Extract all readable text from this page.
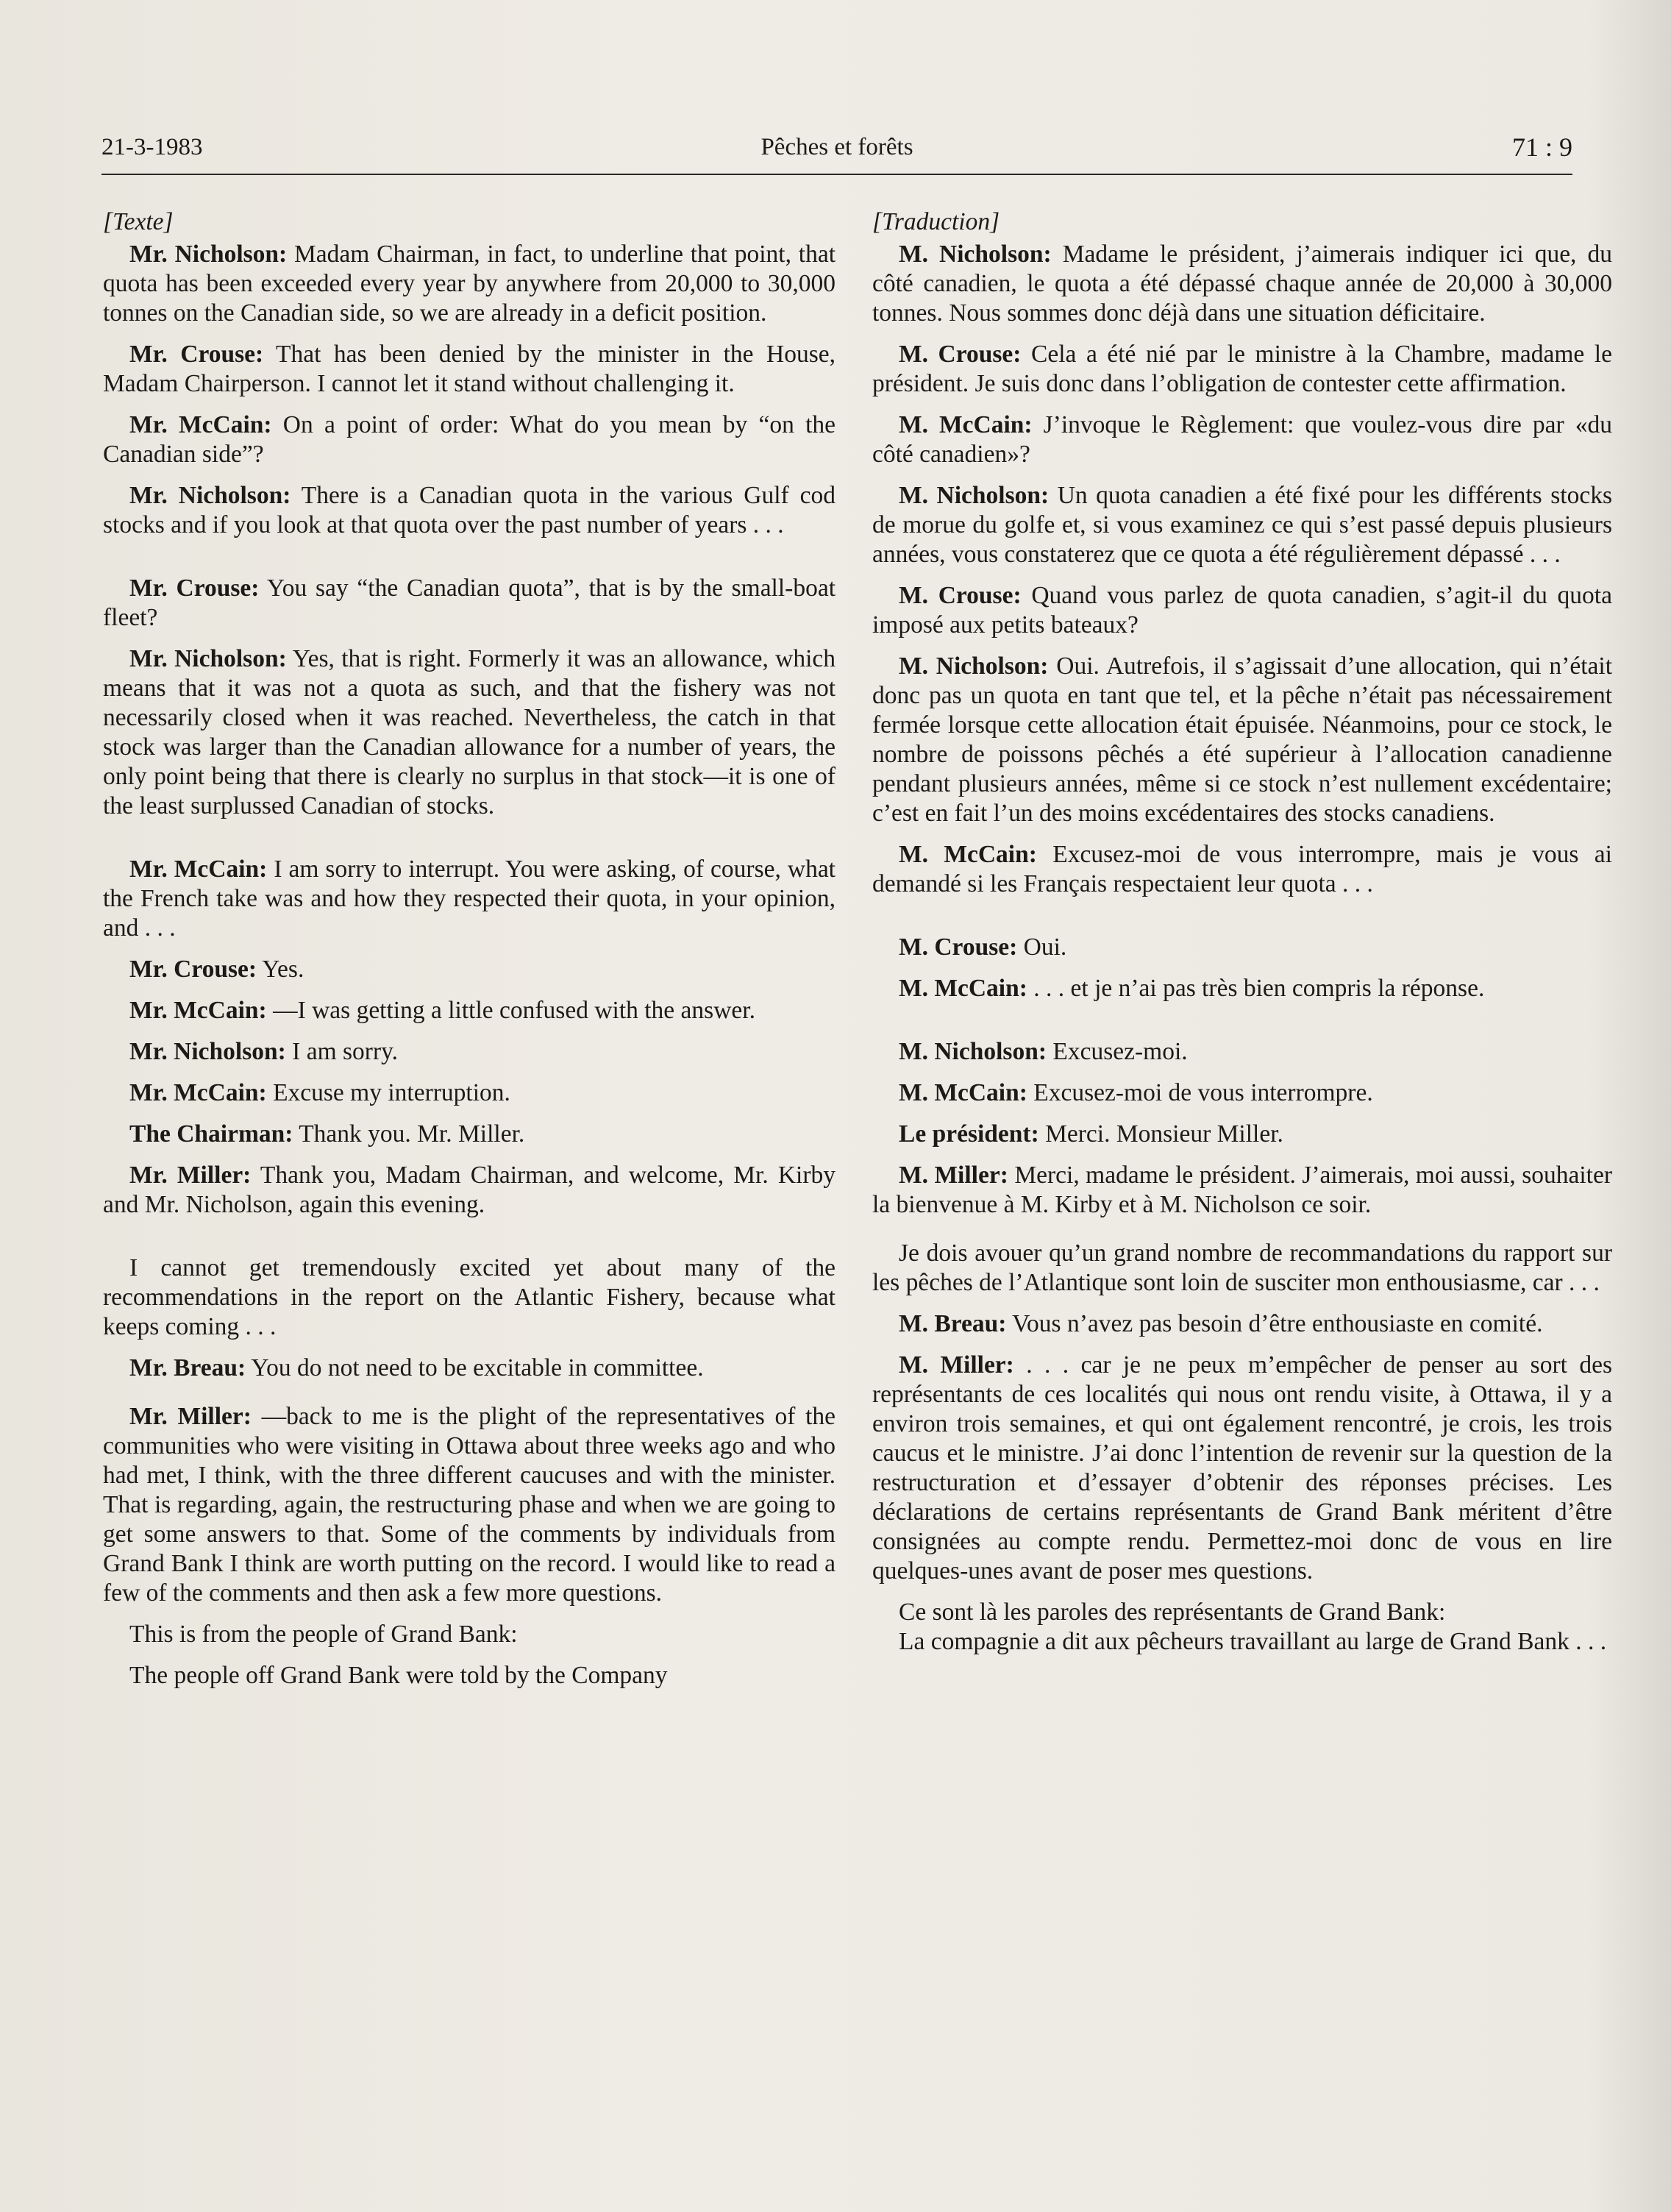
21-3-1983	Pêches et forêts	71 : 9

[Texte]

Mr. Nicholson: Madam Chairman, in fact, to underline that point, that quota has been exceeded every year by anywhere from 20,000 to 30,000 tonnes on the Canadian side, so we are already in a deficit position.

Mr. Crouse: That has been denied by the minister in the House, Madam Chairperson. I cannot let it stand without challenging it.

Mr. McCain: On a point of order: What do you mean by “on the Canadian side”?

Mr. Nicholson: There is a Canadian quota in the various Gulf cod stocks and if you look at that quota over the past number of years . . .

Mr. Crouse: You say “the Canadian quota”, that is by the small-boat fleet?

Mr. Nicholson: Yes, that is right. Formerly it was an allowance, which means that it was not a quota as such, and that the fishery was not necessarily closed when it was reached. Nevertheless, the catch in that stock was larger than the Canadian allowance for a number of years, the only point being that there is clearly no surplus in that stock—it is one of the least surplussed Canadian of stocks.

Mr. McCain: I am sorry to interrupt. You were asking, of course, what the French take was and how they respected their quota, in your opinion, and . . .

Mr. Crouse: Yes.

Mr. McCain: —I was getting a little confused with the answer.

Mr. Nicholson: I am sorry.

Mr. McCain: Excuse my interruption.

The Chairman: Thank you. Mr. Miller.

Mr. Miller: Thank you, Madam Chairman, and welcome, Mr. Kirby and Mr. Nicholson, again this evening.

I cannot get tremendously excited yet about many of the recommendations in the report on the Atlantic Fishery, because what keeps coming . . .

Mr. Breau: You do not need to be excitable in committee.

Mr. Miller: —back to me is the plight of the representatives of the communities who were visiting in Ottawa about three weeks ago and who had met, I think, with the three different caucuses and with the minister. That is regarding, again, the restructuring phase and when we are going to get some answers to that. Some of the comments by individuals from Grand Bank I think are worth putting on the record. I would like to read a few of the comments and then ask a few more questions.

This is from the people of Grand Bank:

The people off Grand Bank were told by the Company

[Traduction]

M. Nicholson: Madame le président, j’aimerais indiquer ici que, du côté canadien, le quota a été dépassé chaque année de 20,000 à 30,000 tonnes. Nous sommes donc déjà dans une situation déficitaire.

M. Crouse: Cela a été nié par le ministre à la Chambre, madame le président. Je suis donc dans l’obligation de contester cette affirmation.

M. McCain: J’invoque le Règlement: que voulez-vous dire par «du côté canadien»?

M. Nicholson: Un quota canadien a été fixé pour les différents stocks de morue du golfe et, si vous examinez ce qui s’est passé depuis plusieurs années, vous constaterez que ce quota a été régulièrement dépassé . . .

M. Crouse: Quand vous parlez de quota canadien, s’agit-il du quota imposé aux petits bateaux?

M. Nicholson: Oui. Autrefois, il s’agissait d’une allocation, qui n’était donc pas un quota en tant que tel, et la pêche n’était pas nécessairement fermée lorsque cette allocation était épuisée. Néanmoins, pour ce stock, le nombre de poissons pêchés a été supérieur à l’allocation canadienne pendant plusieurs années, même si ce stock n’est nullement excédentaire; c’est en fait l’un des moins excédentaires des stocks canadiens.

M. McCain: Excusez-moi de vous interrompre, mais je vous ai demandé si les Français respectaient leur quota . . .

M. Crouse: Oui.

M. McCain: . . . et je n’ai pas très bien compris la réponse.

M. Nicholson: Excusez-moi.

M. McCain: Excusez-moi de vous interrompre.

Le président: Merci. Monsieur Miller.

M. Miller: Merci, madame le président. J’aimerais, moi aussi, souhaiter la bienvenue à M. Kirby et à M. Nicholson ce soir.

Je dois avouer qu’un grand nombre de recommandations du rapport sur les pêches de l’Atlantique sont loin de susciter mon enthousiasme, car . . .

M. Breau: Vous n’avez pas besoin d’être enthousiaste en comité.

M. Miller: . . . car je ne peux m’empêcher de penser au sort des représentants de ces localités qui nous ont rendu visite, à Ottawa, il y a environ trois semaines, et qui ont également rencontré, je crois, les trois caucus et le ministre. J’ai donc l’intention de revenir sur la question de la restructuration et d’essayer d’obtenir des réponses précises. Les déclarations de certains représentants de Grand Bank méritent d’être consignées au compte rendu. Permettez-moi donc de vous en lire quelques-unes avant de poser mes questions.

Ce sont là les paroles des représentants de Grand Bank:

La compagnie a dit aux pêcheurs travaillant au large de Grand Bank . . .
